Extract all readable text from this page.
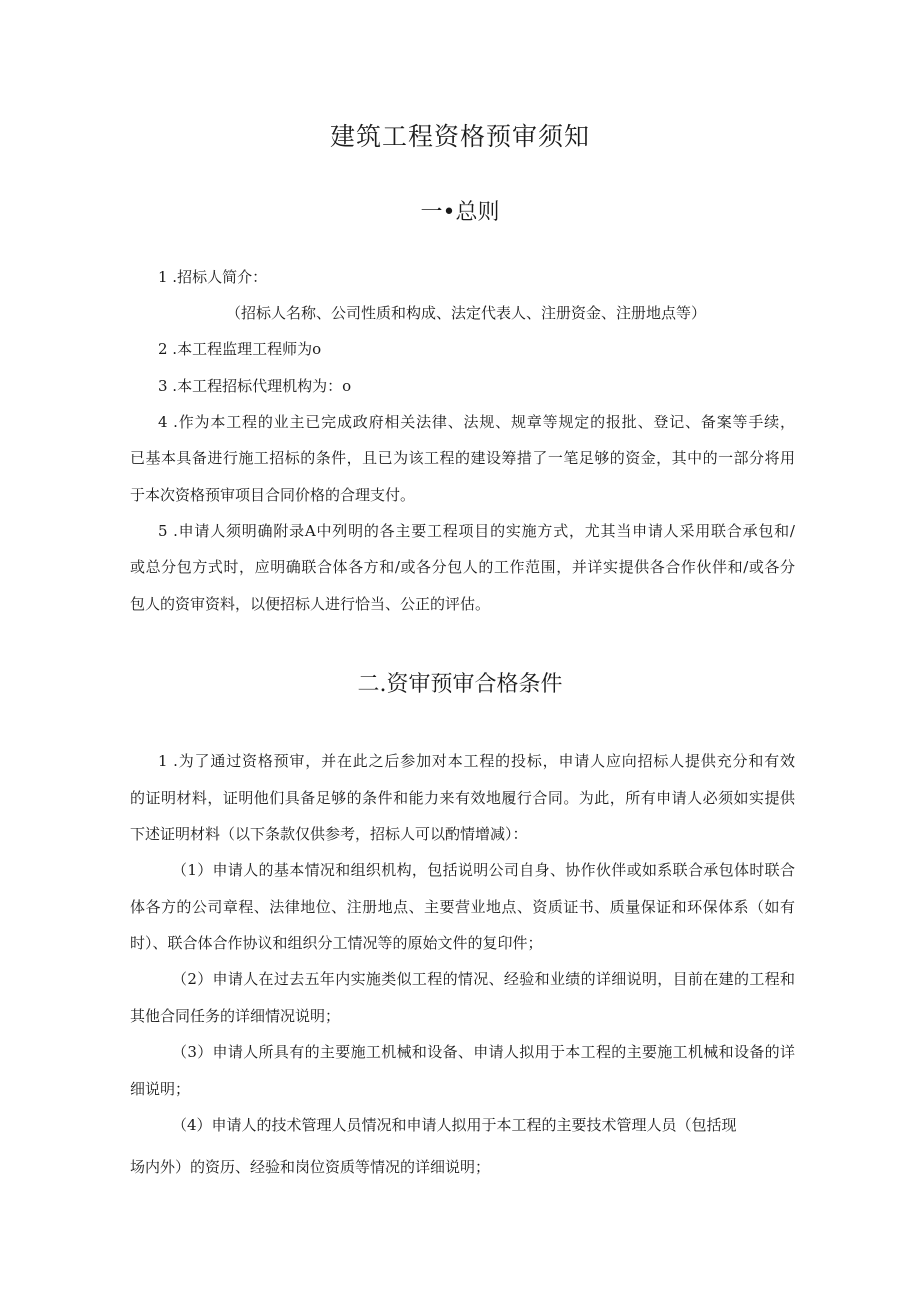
建筑工程资格预审须知
一•总则
1 .招标人简介：
（招标人名称、公司性质和构成、法定代表人、注册资金、注册地点等）
2 .本工程监理工程师为o
3 .本工程招标代理机构为：o
4 .作为本工程的业主已完成政府相关法律、法规、规章等规定的报批、登记、备案等手续，
已基本具备进行施工招标的条件，且已为该工程的建设筹措了一笔足够的资金，其中的一部分将用
于本次资格预审项目合同价格的合理支付。
5 .申请人须明确附录A中列明的各主要工程项目的实施方式，尤其当申请人采用联合承包和/
或总分包方式时，应明确联合体各方和/或各分包人的工作范围，并详实提供各合作伙伴和/或各分
包人的资审资料，以便招标人进行恰当、公正的评估。
二.资审预审合格条件
1 .为了通过资格预审，并在此之后参加对本工程的投标，申请人应向招标人提供充分和有效
的证明材料，证明他们具备足够的条件和能力来有效地履行合同。为此，所有申请人必须如实提供
下述证明材料（以下条款仅供参考，招标人可以酌情增减）：
（1）申请人的基本情况和组织机构，包括说明公司自身、协作伙伴或如系联合承包体时联合
体各方的公司章程、法律地位、注册地点、主要营业地点、资质证书、质量保证和环保体系（如有
时）、联合体合作协议和组织分工情况等的原始文件的复印件；
（2）申请人在过去五年内实施类似工程的情况、经验和业绩的详细说明，目前在建的工程和
其他合同任务的详细情况说明；
（3）申请人所具有的主要施工机械和设备、申请人拟用于本工程的主要施工机械和设备的详
细说明；
（4）申请人的技术管理人员情况和申请人拟用于本工程的主要技术管理人员（包括现
场内外）的资历、经验和岗位资质等情况的详细说明；
